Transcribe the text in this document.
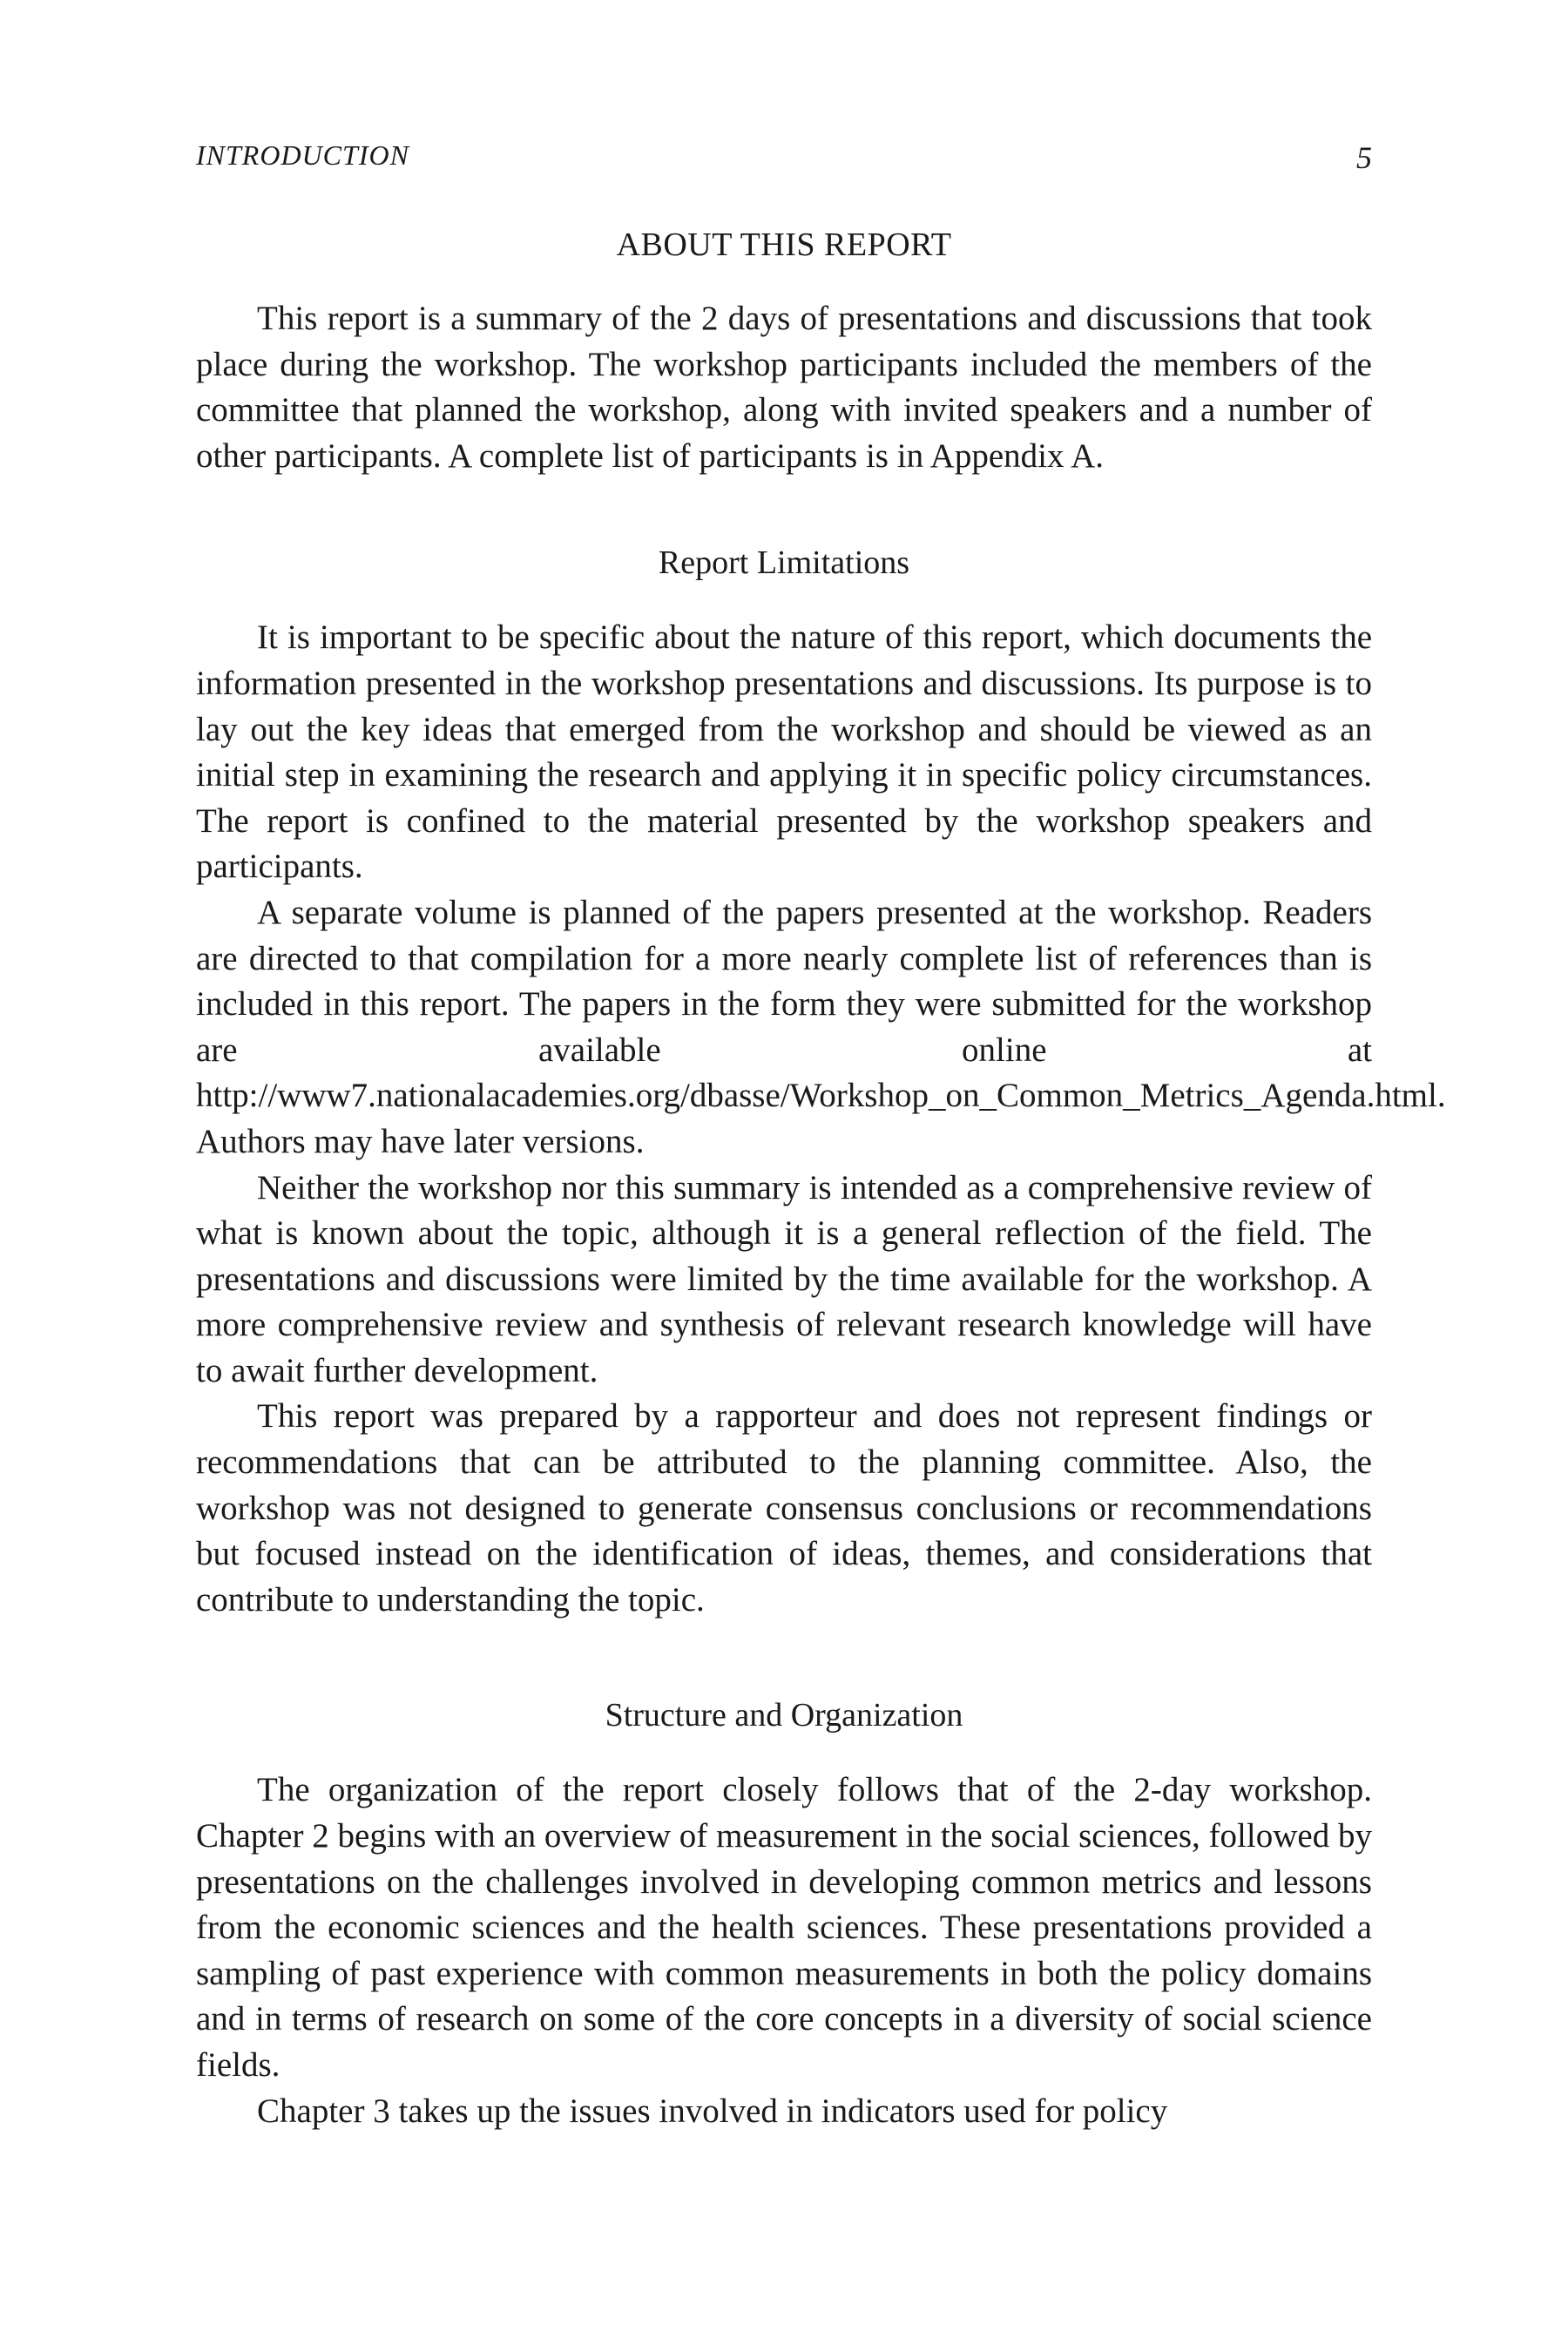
INTRODUCTION	5
ABOUT THIS REPORT

This report is a summary of the 2 days of presentations and discussions that took place during the workshop. The workshop participants included the members of the committee that planned the workshop, along with invited speakers and a number of other participants. A complete list of participants is in Appendix A.

Report Limitations

It is important to be specific about the nature of this report, which documents the information presented in the workshop presentations and discussions. Its purpose is to lay out the key ideas that emerged from the workshop and should be viewed as an initial step in examining the research and applying it in specific policy circumstances. The report is confined to the material presented by the workshop speakers and participants.

A separate volume is planned of the papers presented at the workshop. Readers are directed to that compilation for a more nearly complete list of references than is included in this report. The papers in the form they were submitted for the workshop are available online at http://www7.nationalacademies.org/dbasse/Workshop_on_Common_Metrics_Agenda.html. Authors may have later versions.

Neither the workshop nor this summary is intended as a comprehensive review of what is known about the topic, although it is a general reflection of the field. The presentations and discussions were limited by the time available for the workshop. A more comprehensive review and synthesis of relevant research knowledge will have to await further development.

This report was prepared by a rapporteur and does not represent findings or recommendations that can be attributed to the planning committee. Also, the workshop was not designed to generate consensus conclusions or recommendations but focused instead on the identification of ideas, themes, and considerations that contribute to understanding the topic.

Structure and Organization

The organization of the report closely follows that of the 2-day workshop. Chapter 2 begins with an overview of measurement in the social sciences, followed by presentations on the challenges involved in developing common metrics and lessons from the economic sciences and the health sciences. These presentations provided a sampling of past experience with common measurements in both the policy domains and in terms of research on some of the core concepts in a diversity of social science fields.

Chapter 3 takes up the issues involved in indicators used for policy
